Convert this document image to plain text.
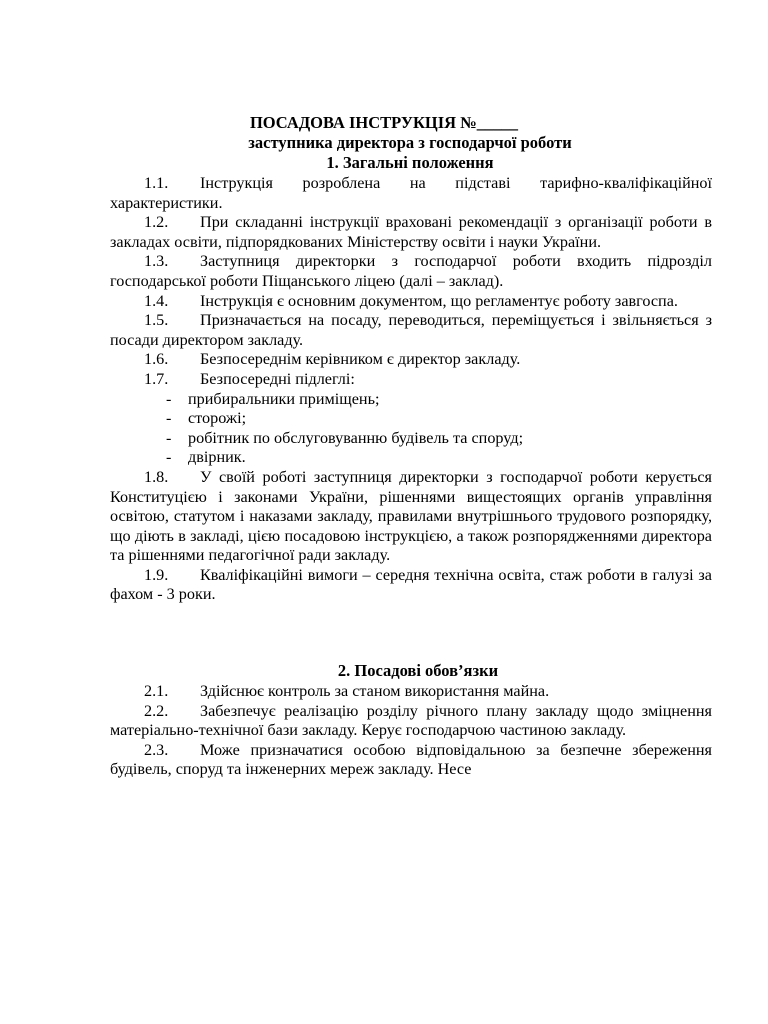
ПОСАДОВА ІНСТРУКЦІЯ №_____
заступника директора з господарчої роботи
1. Загальні положення
1.1.	Інструкція розроблена на підставі тарифно-кваліфікаційної характеристики.
1.2.	При складанні інструкції враховані рекомендації з організації роботи в закладах освіти, підпорядкованих Міністерству освіти і науки України.
1.3.	Заступниця директорки з господарчої роботи входить підрозділ господарської роботи Піщанського ліцею (далі – заклад).
1.4.	Інструкція є основним документом, що регламентує роботу завгоспа.
1.5.	Призначається на посаду, переводиться, переміщується і звільняється з посади директором закладу.
1.6.	Безпосереднім керівником є директор закладу.
1.7.	Безпосередні підлеглі:
- прибиральники приміщень;
- сторожі;
- робітник по обслуговуванню будівель та споруд;
- двірник.
1.8.	У своїй роботі заступниця директорки з господарчої роботи керується Конституцією і законами України, рішеннями вищестоящих органів управління освітою, статутом і наказами закладу, правилами внутрішнього трудового розпорядку, що діють в закладі, цією посадовою інструкцією, а також розпорядженнями директора та рішеннями педагогічної ради закладу.
1.9.	Кваліфікаційні вимоги – середня технічна освіта, стаж роботи в галузі за фахом - 3 роки.
2. Посадові обов’язки
2.1.	Здійснює контроль за станом використання майна.
2.2.	Забезпечує реалізацію розділу річного плану закладу щодо зміцнення матеріально-технічної бази закладу. Керує господарчою частиною закладу.
2.3.	Може призначатися особою відповідальною за безпечне збереження будівель, споруд та інженерних мереж закладу. Несе
